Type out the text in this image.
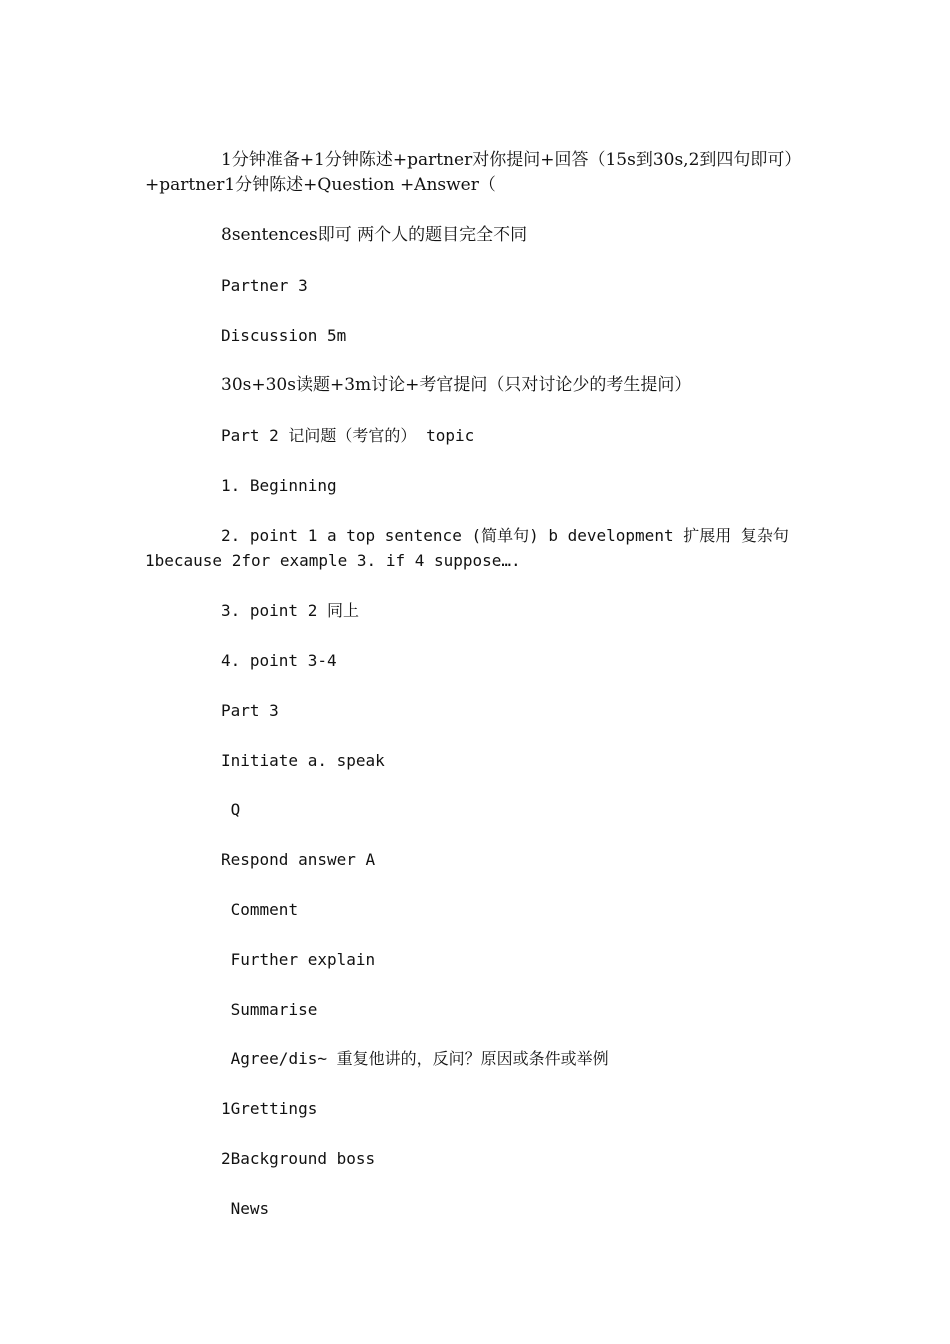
1分钟准备+1分钟陈述+partner对你提问+回答（15s到30s,2到四句即可）+partner1分钟陈述+Question +Answer（

8sentences即可 两个人的题目完全不同

Partner 3

Discussion 5m

30s+30s读题+3m讨论+考官提问（只对讨论少的考生提问）

Part 2 记问题（考官的） topic

1. Beginning

2. point 1 a top sentence (简单句) b development 扩展用 复杂句 1because 2for example 3. if 4 suppose….

3. point 2 同上

4. point 3-4

Part 3

Initiate a. speak

Q

Respond answer A

Comment

Further explain

Summarise

Agree/dis~ 重复他讲的，反问？原因或条件或举例

1Grettings

2Background boss

News
